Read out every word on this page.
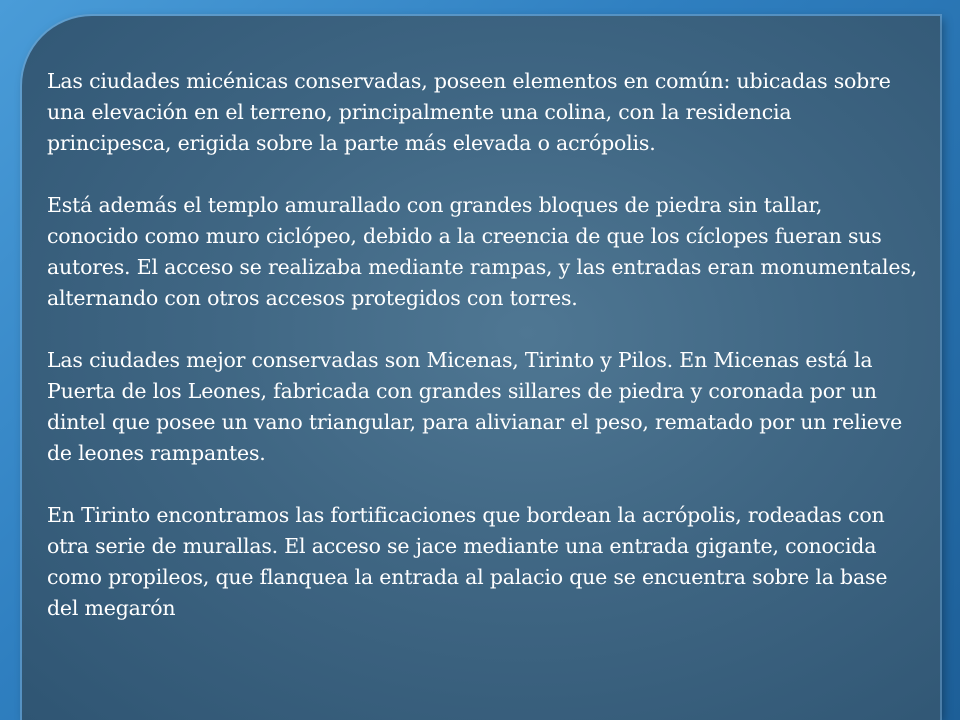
Las ciudades micénicas conservadas, poseen elementos en común: ubicadas sobre una elevación en el terreno, principalmente una colina, con la residencia principesca, erigida sobre la parte más elevada o acrópolis.

Está además el templo amurallado con grandes bloques de piedra sin tallar, conocido como muro ciclópeo, debido a la creencia de que los cíclopes fueran sus autores. El acceso se realizaba mediante rampas, y las entradas eran monumentales, alternando con otros accesos protegidos con torres.

Las ciudades mejor conservadas son Micenas, Tirinto y Pilos. En Micenas está la Puerta de los Leones, fabricada con grandes sillares de piedra y coronada por un dintel que posee un vano triangular, para alivianar el peso, rematado por un relieve de leones rampantes.

En Tirinto encontramos las fortificaciones que bordean la acrópolis, rodeadas con otra serie de murallas. El acceso se jace mediante una entrada gigante, conocida como propileos, que flanquea la entrada al palacio que se encuentra sobre la base del megarón
